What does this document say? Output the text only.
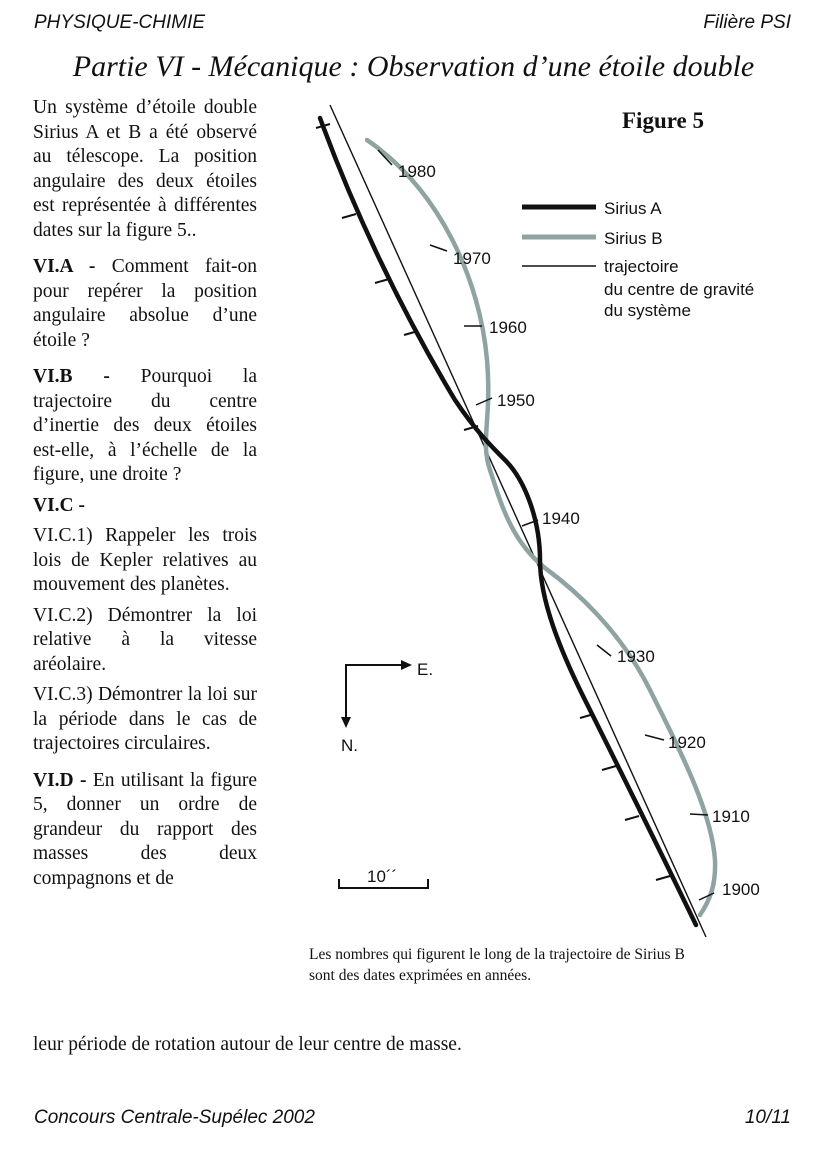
PHYSIQUE-CHIMIE	Filière PSI
Partie VI - Mécanique : Observation d’une étoile double

Un système d’étoile double Sirius A et B a été observé au télescope. La position angulaire des deux étoiles est représentée à différentes dates sur la figure 5..

VI.A - Comment fait-on pour repérer la position angulaire absolue d’une étoile ?

VI.B - Pourquoi la trajectoire du centre d’inertie des deux étoiles est-elle, à l’échelle de la figure, une droite ?

VI.C -

VI.C.1) Rappeler les trois lois de Kepler relatives au mouvement des planètes.

VI.C.2) Démontrer la loi relative à la vitesse aréolaire.

VI.C.3) Démontrer la loi sur la période dans le cas de trajectoires circulaires.

VI.D - En utilisant la figure 5, donner un ordre de grandeur du rapport des masses des deux compagnons et de

leur période de rotation autour de leur centre de masse.
Figure 5
1980
1970
1960
1950
1940
1930
1920
1910
1900
Sirius A
Sirius B
trajectoire
du centre de gravité
du système
E.
N.
10´´
Les nombres qui figurent le long de la trajectoire de Sirius B sont des dates exprimées en années.
Concours Centrale-Supélec 2002	10/11
